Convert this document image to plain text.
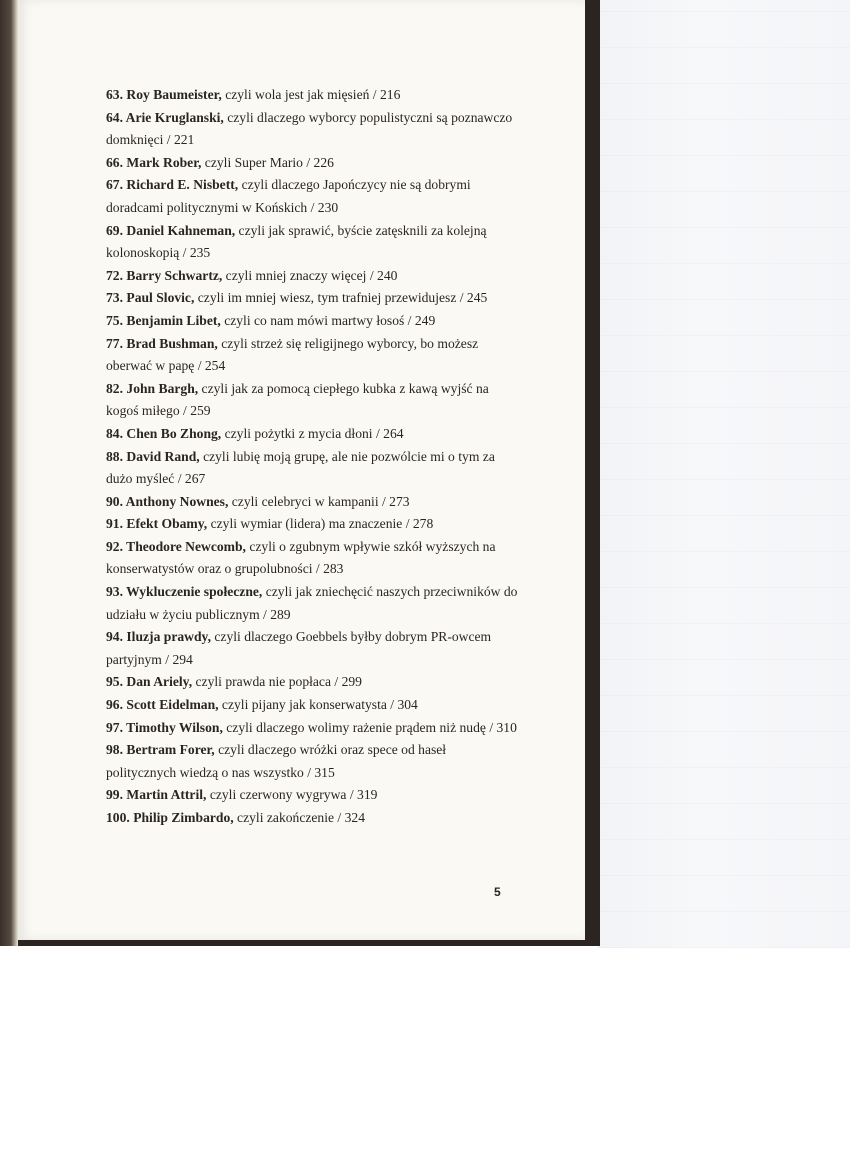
63. Roy Baumeister, czyli wola jest jak mięsień / 216

64. Arie Kruglanski, czyli dlaczego wyborcy populistyczni są poznawczo domknięci / 221

66. Mark Rober, czyli Super Mario / 226

67. Richard E. Nisbett, czyli dlaczego Japończycy nie są dobrymi doradcami politycznymi w Końskich / 230

69. Daniel Kahneman, czyli jak sprawić, byście zatęsknili za kolejną kolonoskopią / 235

72. Barry Schwartz, czyli mniej znaczy więcej / 240

73. Paul Slovic, czyli im mniej wiesz, tym trafniej przewidujesz / 245

75. Benjamin Libet, czyli co nam mówi martwy łosoś / 249

77. Brad Bushman, czyli strzeż się religijnego wyborcy, bo możesz oberwać w papę / 254

82. John Bargh, czyli jak za pomocą ciepłego kubka z kawą wyjść na kogoś miłego / 259

84. Chen Bo Zhong, czyli pożytki z mycia dłoni / 264

88. David Rand, czyli lubię moją grupę, ale nie pozwólcie mi o tym za dużo myśleć / 267

90. Anthony Nownes, czyli celebryci w kampanii / 273

91. Efekt Obamy, czyli wymiar (lidera) ma znaczenie / 278

92. Theodore Newcomb, czyli o zgubnym wpływie szkół wyższych na konserwatystów oraz o grupolubności / 283

93. Wykluczenie społeczne, czyli jak zniechęcić naszych przeciwników do udziału w życiu publicznym / 289

94. Iluzja prawdy, czyli dlaczego Goebbels byłby dobrym PR-owcem partyjnym / 294

95. Dan Ariely, czyli prawda nie popłaca / 299

96. Scott Eidelman, czyli pijany jak konserwatysta / 304

97. Timothy Wilson, czyli dlaczego wolimy rażenie prądem niż nudę / 310

98. Bertram Forer, czyli dlaczego wróżki oraz spece od haseł politycznych wiedzą o nas wszystko / 315

99. Martin Attril, czyli czerwony wygrywa / 319

100. Philip Zimbardo, czyli zakończenie / 324

5
